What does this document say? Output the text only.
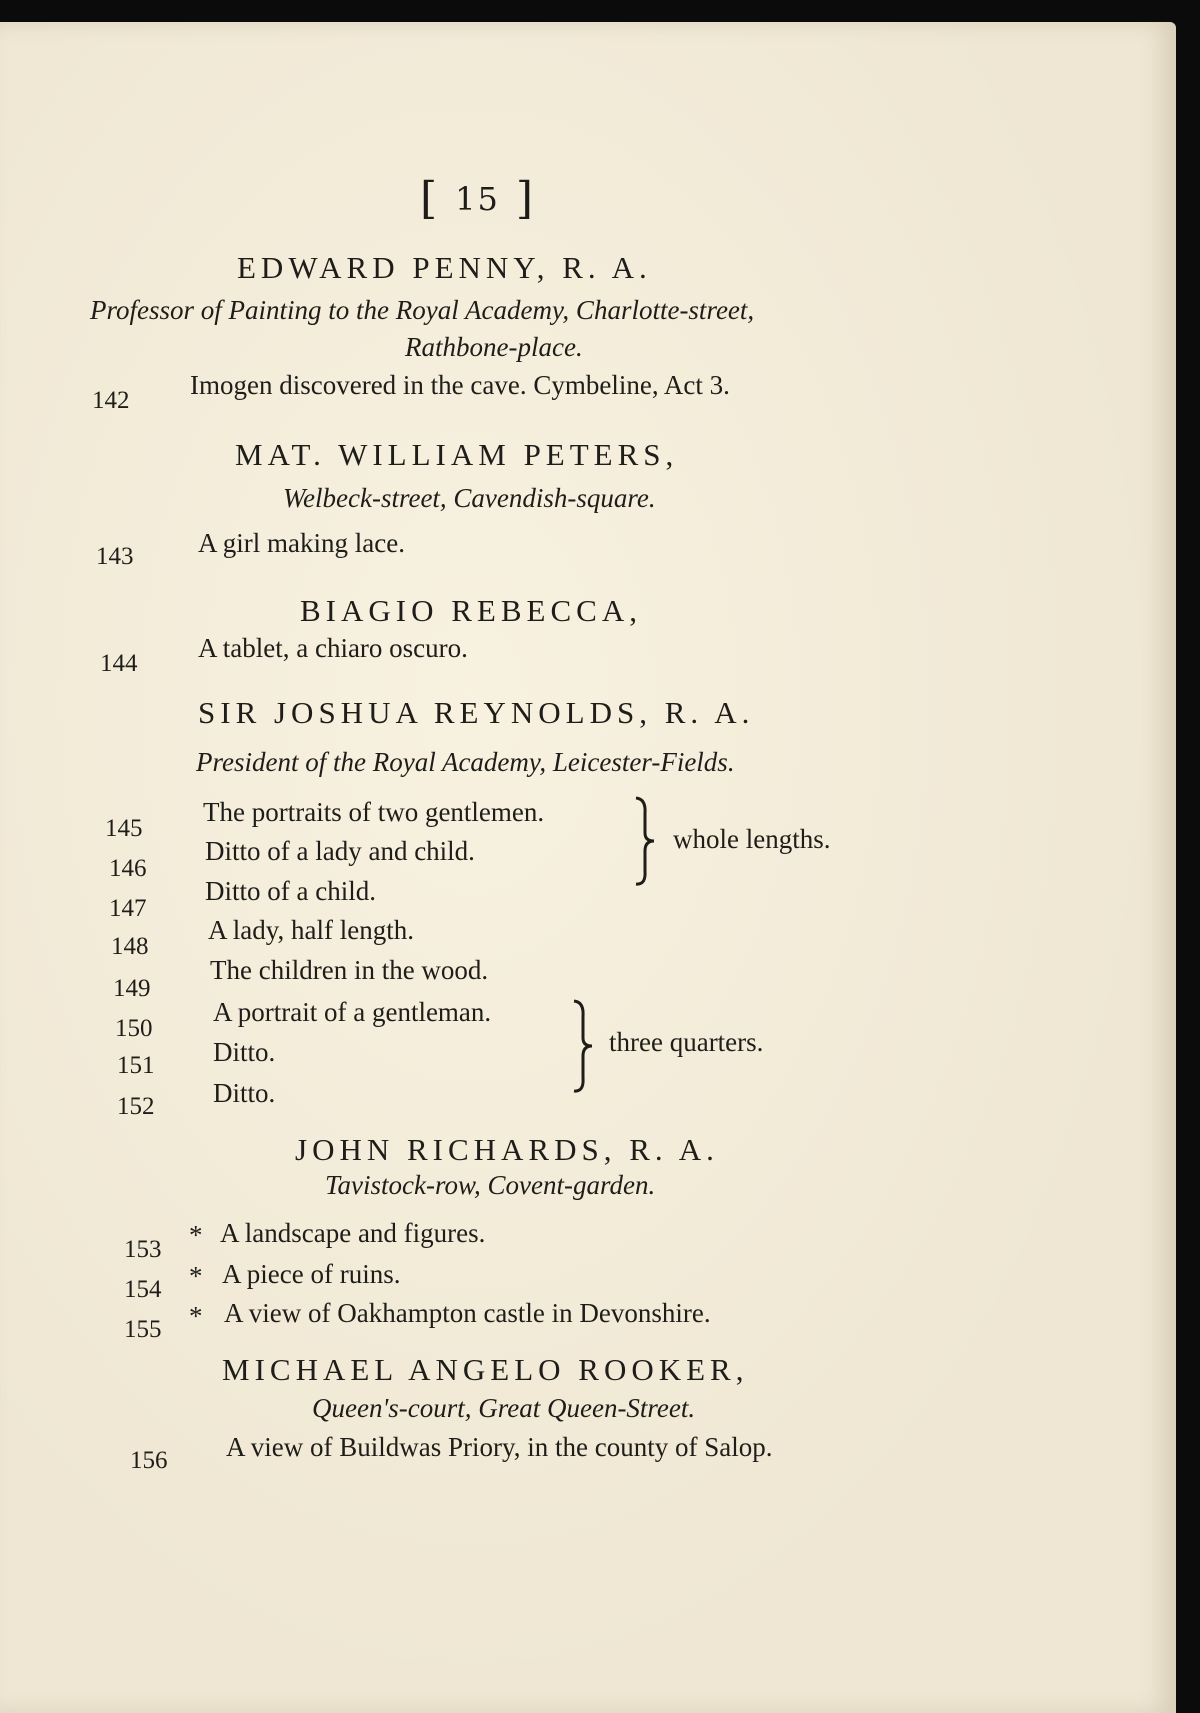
[ 15 ]
EDWARD PENNY, R. A.
Professor of Painting to the Royal Academy, Charlotte-street,
Rathbone-place.
142
Imogen discovered in the cave. Cymbeline, Act 3.
MAT. WILLIAM PETERS,
Welbeck-street, Cavendish-square.
143 A girl making lace.
BIAGIO REBECCA,
144
A tablet, a chiaro oscuro.
SIR JOSHUA REYNOLDS, R. A.
President of the Royal Academy, Leicester-Fields.
145
The portraits of two gentlemen.
146
Ditto of a lady and child.
147
Ditto of a child.
148
A lady, half length.
149
The children in the wood.
150
A portrait of a gentleman.
151 Ditto.
152 Ditto.
whole lengths.
three quarters.
JOHN RICHARDS, R. A.
Tavistock-row, Covent-garden.
153 * A landscape and figures.
154 * A piece of ruins.
155 * A view of Oakhampton castle in Devonshire.
MICHAEL ANGELO ROOKER,
Queen's-court, Great Queen-Street.
156 A view of Buildwas Priory, in the county of Salop.
